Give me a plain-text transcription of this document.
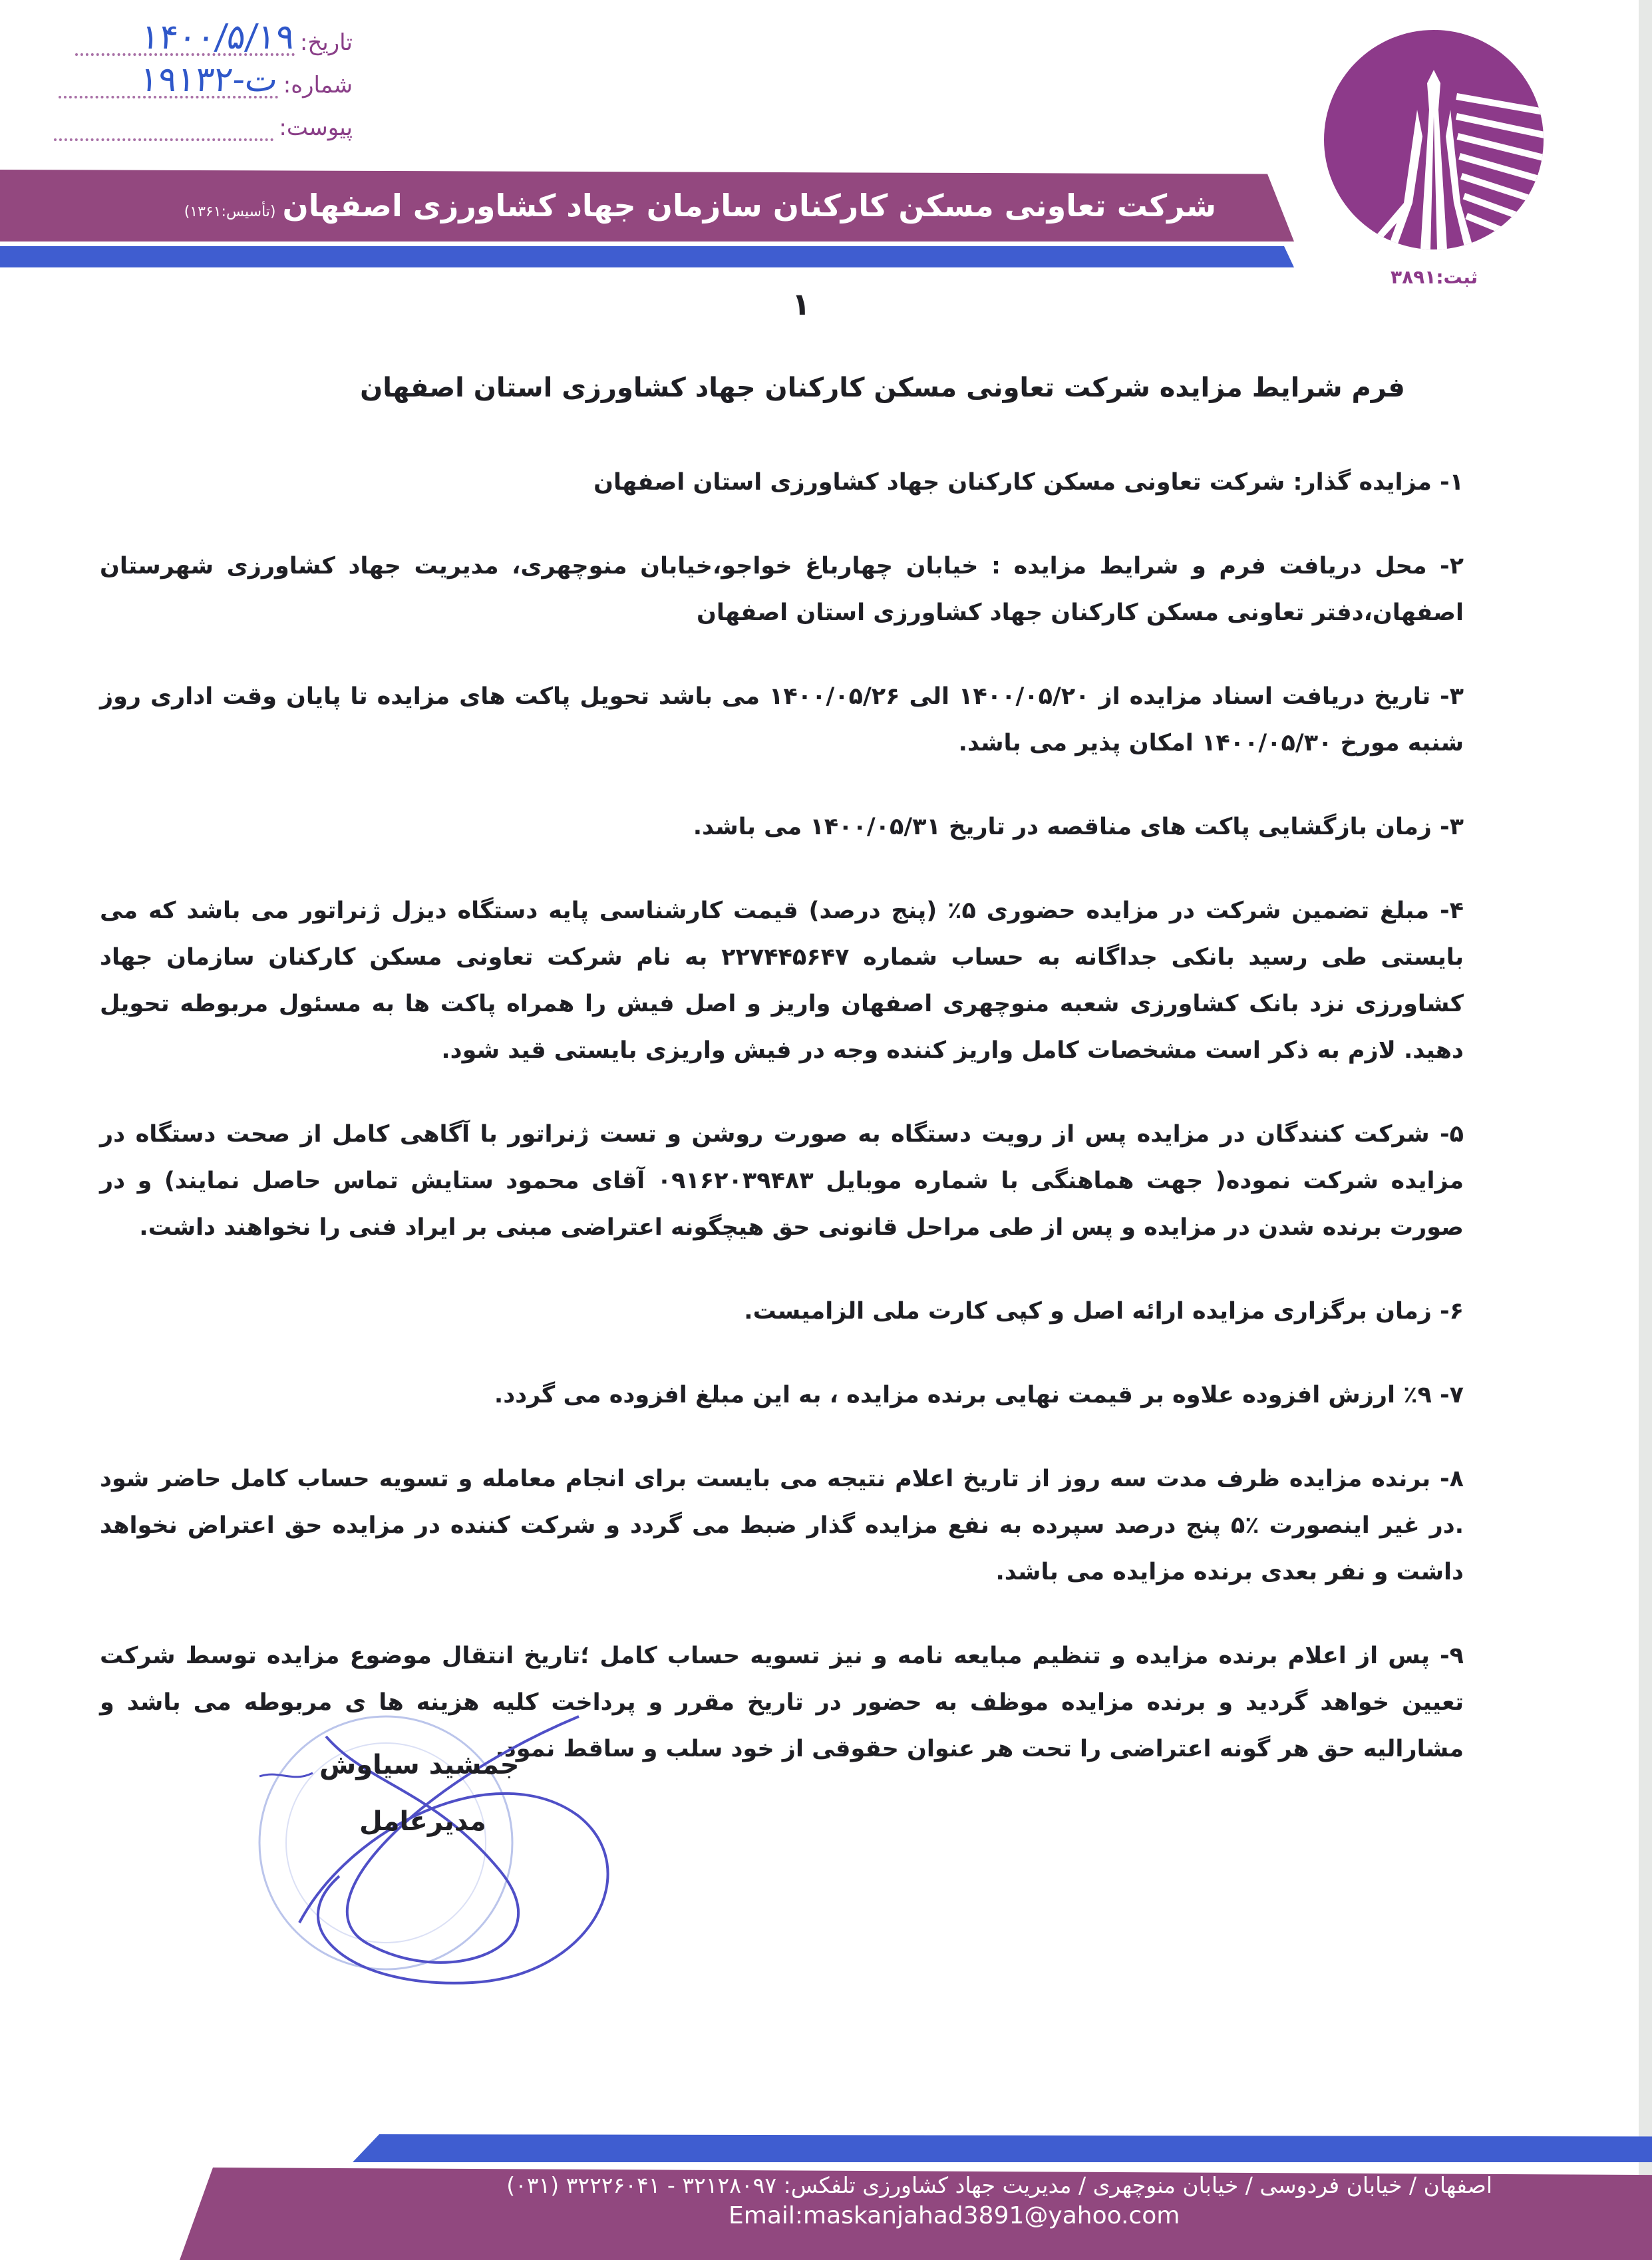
تاریخ:
۱۴۰۰/۵/۱۹
شماره:
۱۹۱۳ت-۲
پیوست:
ثبت:۳۸۹۱
شرکت تعاونی مسکن کارکنان سازمان جهاد کشاورزی اصفهان(تأسیس:۱۳۶۱)
۱
فرم شرایط مزایده شرکت تعاونی مسکن کارکنان جهاد کشاورزی استان اصفهان

۱- مزایده گذار: شرکت تعاونی مسکن کارکنان جهاد کشاورزی استان اصفهان

۲- محل دریافت فرم و شرایط مزایده : خیابان چهارباغ خواجو،خیابان منوچهری، مدیریت جهاد کشاورزی شهرستان اصفهان،دفتر تعاونی مسکن کارکنان جهاد کشاورزی استان اصفهان

۳- تاریخ دریافت اسناد مزایده از ۱۴۰۰/۰۵/۲۰ الی ۱۴۰۰/۰۵/۲۶ می باشد تحویل پاکت های مزایده تا پایان وقت اداری روز شنبه مورخ ۱۴۰۰/۰۵/۳۰ امکان پذیر می باشد.

۳- زمان بازگشایی پاکت های مناقصه در تاریخ ۱۴۰۰/۰۵/۳۱ می باشد.

۴- مبلغ تضمین شرکت در مزایده حضوری ۵٪ (پنج درصد) قیمت کارشناسی پایه دستگاه دیزل ژنراتور می باشد که می بایستی طی رسید بانکی جداگانه به حساب شماره ۲۲۷۴۴۵۶۴۷ به نام شرکت تعاونی مسکن کارکنان سازمان جهاد کشاورزی نزد بانک کشاورزی شعبه منوچهری اصفهان واریز و اصل فیش را همراه پاکت ها به مسئول مربوطه تحویل دهید. لازم به ذکر است مشخصات کامل واریز کننده وجه در فیش واریزی بایستی قید شود.

۵- شرکت کنندگان در مزایده پس از رویت دستگاه به صورت روشن و تست ژنراتور با آگاهی کامل از صحت دستگاه در مزایده شرکت نموده( جهت هماهنگی با شماره موبایل ۰۹۱۶۲۰۳۹۴۸۳ آقای محمود ستایش تماس حاصل نمایند) و در صورت برنده شدن در مزایده و پس از طی مراحل قانونی حق هیچگونه اعتراضی مبنی بر ایراد فنی را نخواهند داشت.

۶- زمان برگزاری مزایده ارائه اصل و کپی کارت ملی الزامیست.

۷- ٪۹ ارزش افزوده علاوه بر قیمت نهایی برنده مزایده ، به این مبلغ افزوده می گردد.

۸- برنده مزایده ظرف مدت سه روز از تاریخ اعلام نتیجه می بایست برای انجام معامله و تسویه حساب کامل حاضر شود .در غیر اینصورت ٪۵ پنج درصد سپرده به نفع مزایده گذار ضبط می گردد و شرکت کننده در مزایده حق اعتراض نخواهد داشت و نفر بعدی برنده مزایده می باشد.

۹- پس از اعلام برنده مزایده و تنظیم مبایعه نامه و نیز تسویه حساب کامل ؛تاریخ انتقال موضوع مزایده توسط شرکت تعیین خواهد گردید و برنده مزایده موظف به حضور در تاریخ مقرر و پرداخت کلیه هزینه ها ی مربوطه می باشد و مشارالیه حق هر گونه اعتراضی را تحت هر عنوان حقوقی از خود سلب و ساقط نمود.

جمشید سیاوش
مدیرعامل
اصفهان / خیابان فردوسی / خیابان منوچهری / مدیریت جهاد کشاورزی تلفکس: ۳۲۱۲۸۰۹۷ - ۳۲۲۲۶۰۴۱ (۰۳۱)
Email:maskanjahad3891@yahoo.com
